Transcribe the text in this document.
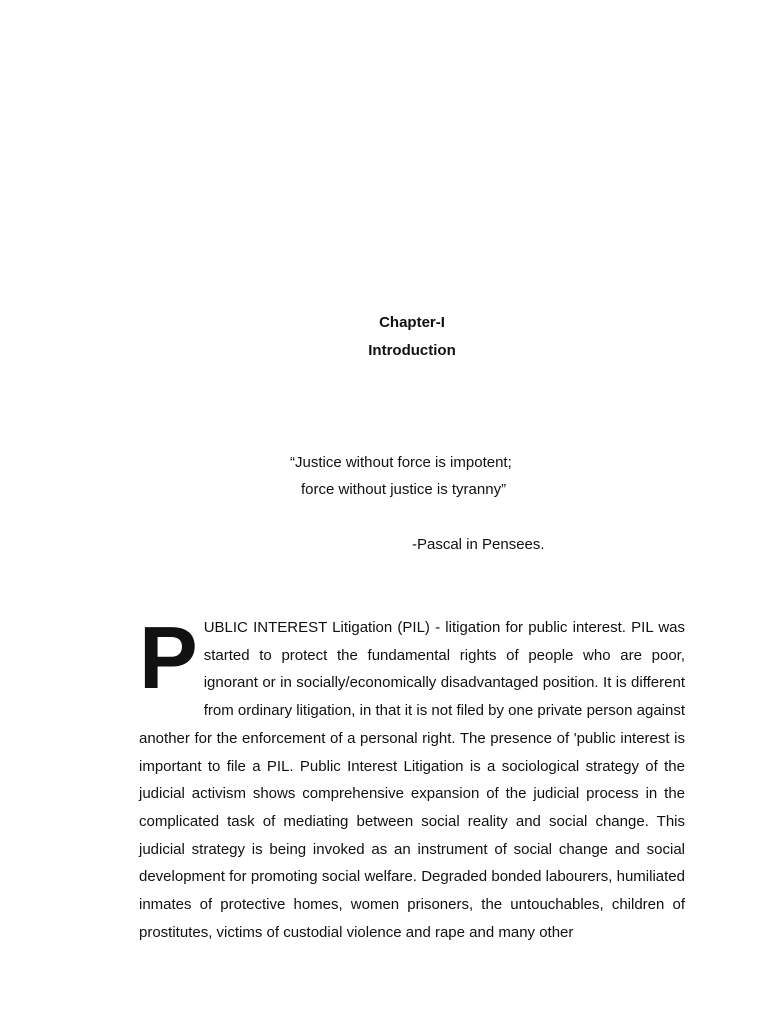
Chapter-I
Introduction
“Justice without force is impotent;
force without justice is tyranny”
-Pascal in Pensees.
PUBLIC INTEREST Litigation (PIL) - litigation for public interest. PIL was started to protect the fundamental rights of people who are poor, ignorant or in socially/economically disadvantaged position. It is different from ordinary litigation, in that it is not filed by one private person against another for the enforcement of a personal right. The presence of 'public interest is important to file a PIL. Public Interest Litigation is a sociological strategy of the judicial activism shows comprehensive expansion of the judicial process in the complicated task of mediating between social reality and social change. This judicial strategy is being invoked as an instrument of social change and social development for promoting social welfare. Degraded bonded labourers, humiliated inmates of protective homes, women prisoners, the untouchables, children of prostitutes, victims of custodial violence and rape and many other
